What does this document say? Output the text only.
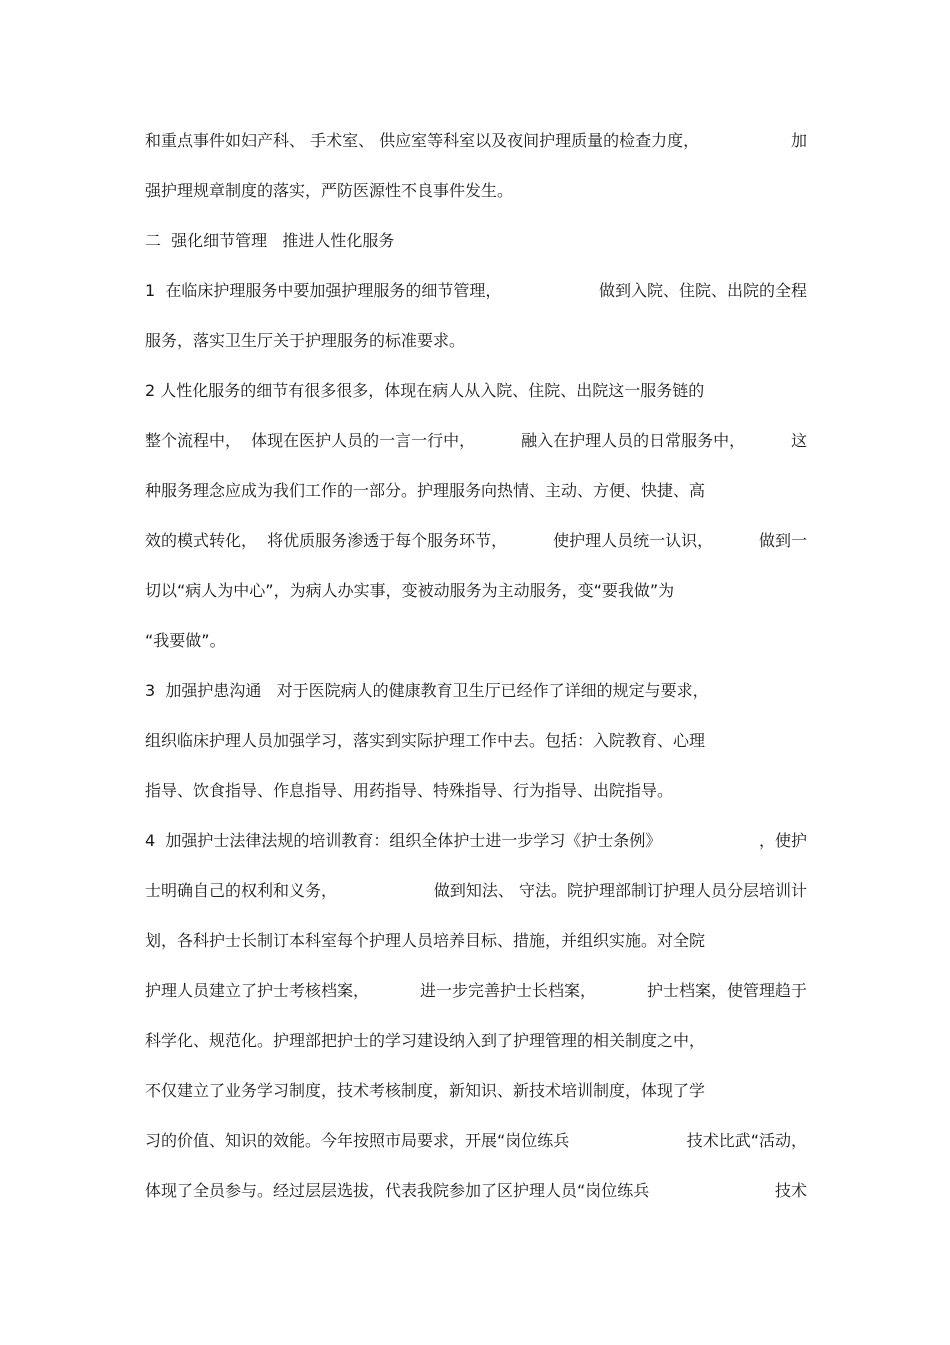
和重点事件如妇产科、 手术室、 供应室等科室以及夜间护理质量的检查力度，	加
强护理规章制度的落实，严防医源性不良事件发生。
二  强化细节管理   推进人性化服务
1  在临床护理服务中要加强护理服务的细节管理，	做到入院、住院、出院的全程
服务，落实卫生厅关于护理服务的标准要求。
2 人性化服务的细节有很多很多，体现在病人从入院、住院、出院这一服务链的
整个流程中，  体现在医护人员的一言一行中，	融入在护理人员的日常服务中，	这
种服务理念应成为我们工作的一部分。护理服务向热情、主动、方便、快捷、高
效的模式转化，  将优质服务渗透于每个服务环节，	使护理人员统一认识，	做到一
切以“病人为中心”，为病人办实事，变被动服务为主动服务，变“要我做”为
“我要做”。
3  加强护患沟通   对于医院病人的健康教育卫生厅已经作了详细的规定与要求，
组织临床护理人员加强学习，落实到实际护理工作中去。包括：入院教育、心理
指导、饮食指导、作息指导、用药指导、特殊指导、行为指导、出院指导。
4  加强护士法律法规的培训教育：组织全体护士进一步学习《护士条例》	，使护
士明确自己的权利和义务，	做到知法、 守法。院护理部制订护理人员分层培训计
划，各科护士长制订本科室每个护理人员培养目标、措施，并组织实施。对全院
护理人员建立了护士考核档案，	进一步完善护士长档案，	护士档案，使管理趋于
科学化、规范化。护理部把护士的学习建设纳入到了护理管理的相关制度之中，
不仅建立了业务学习制度，技术考核制度，新知识、新技术培训制度，体现了学
习的价值、知识的效能。今年按照市局要求，开展“岗位练兵	技术比武“活动，
体现了全员参与。经过层层选拔，代表我院参加了区护理人员“岗位练兵	技术
